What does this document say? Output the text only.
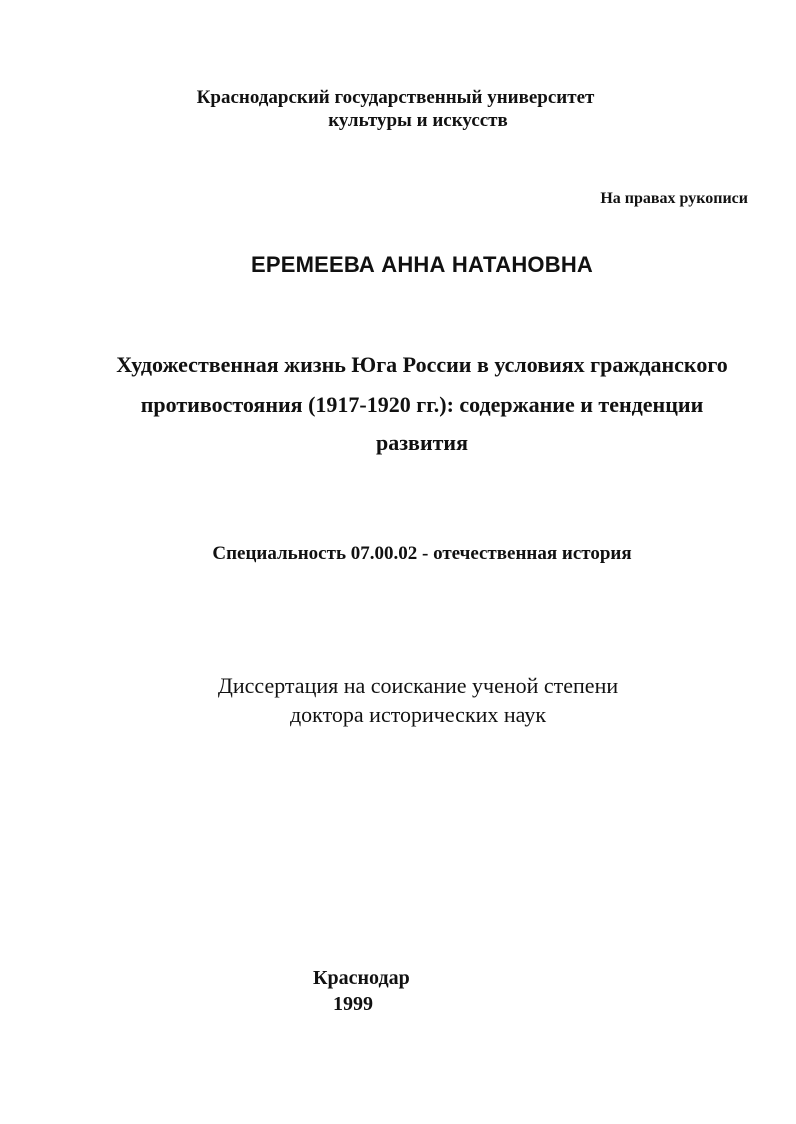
Краснодарский государственный университет
культуры и искусств
На правах рукописи
ЕРЕМЕЕВА АННА НАТАНОВНА
Художественная жизнь Юга России в условиях гражданского
противостояния (1917-1920 гг.): содержание и тенденции
развития
Специальность 07.00.02 - отечественная история
Диссертация на соискание ученой степени
доктора исторических наук
Краснодар
1999
